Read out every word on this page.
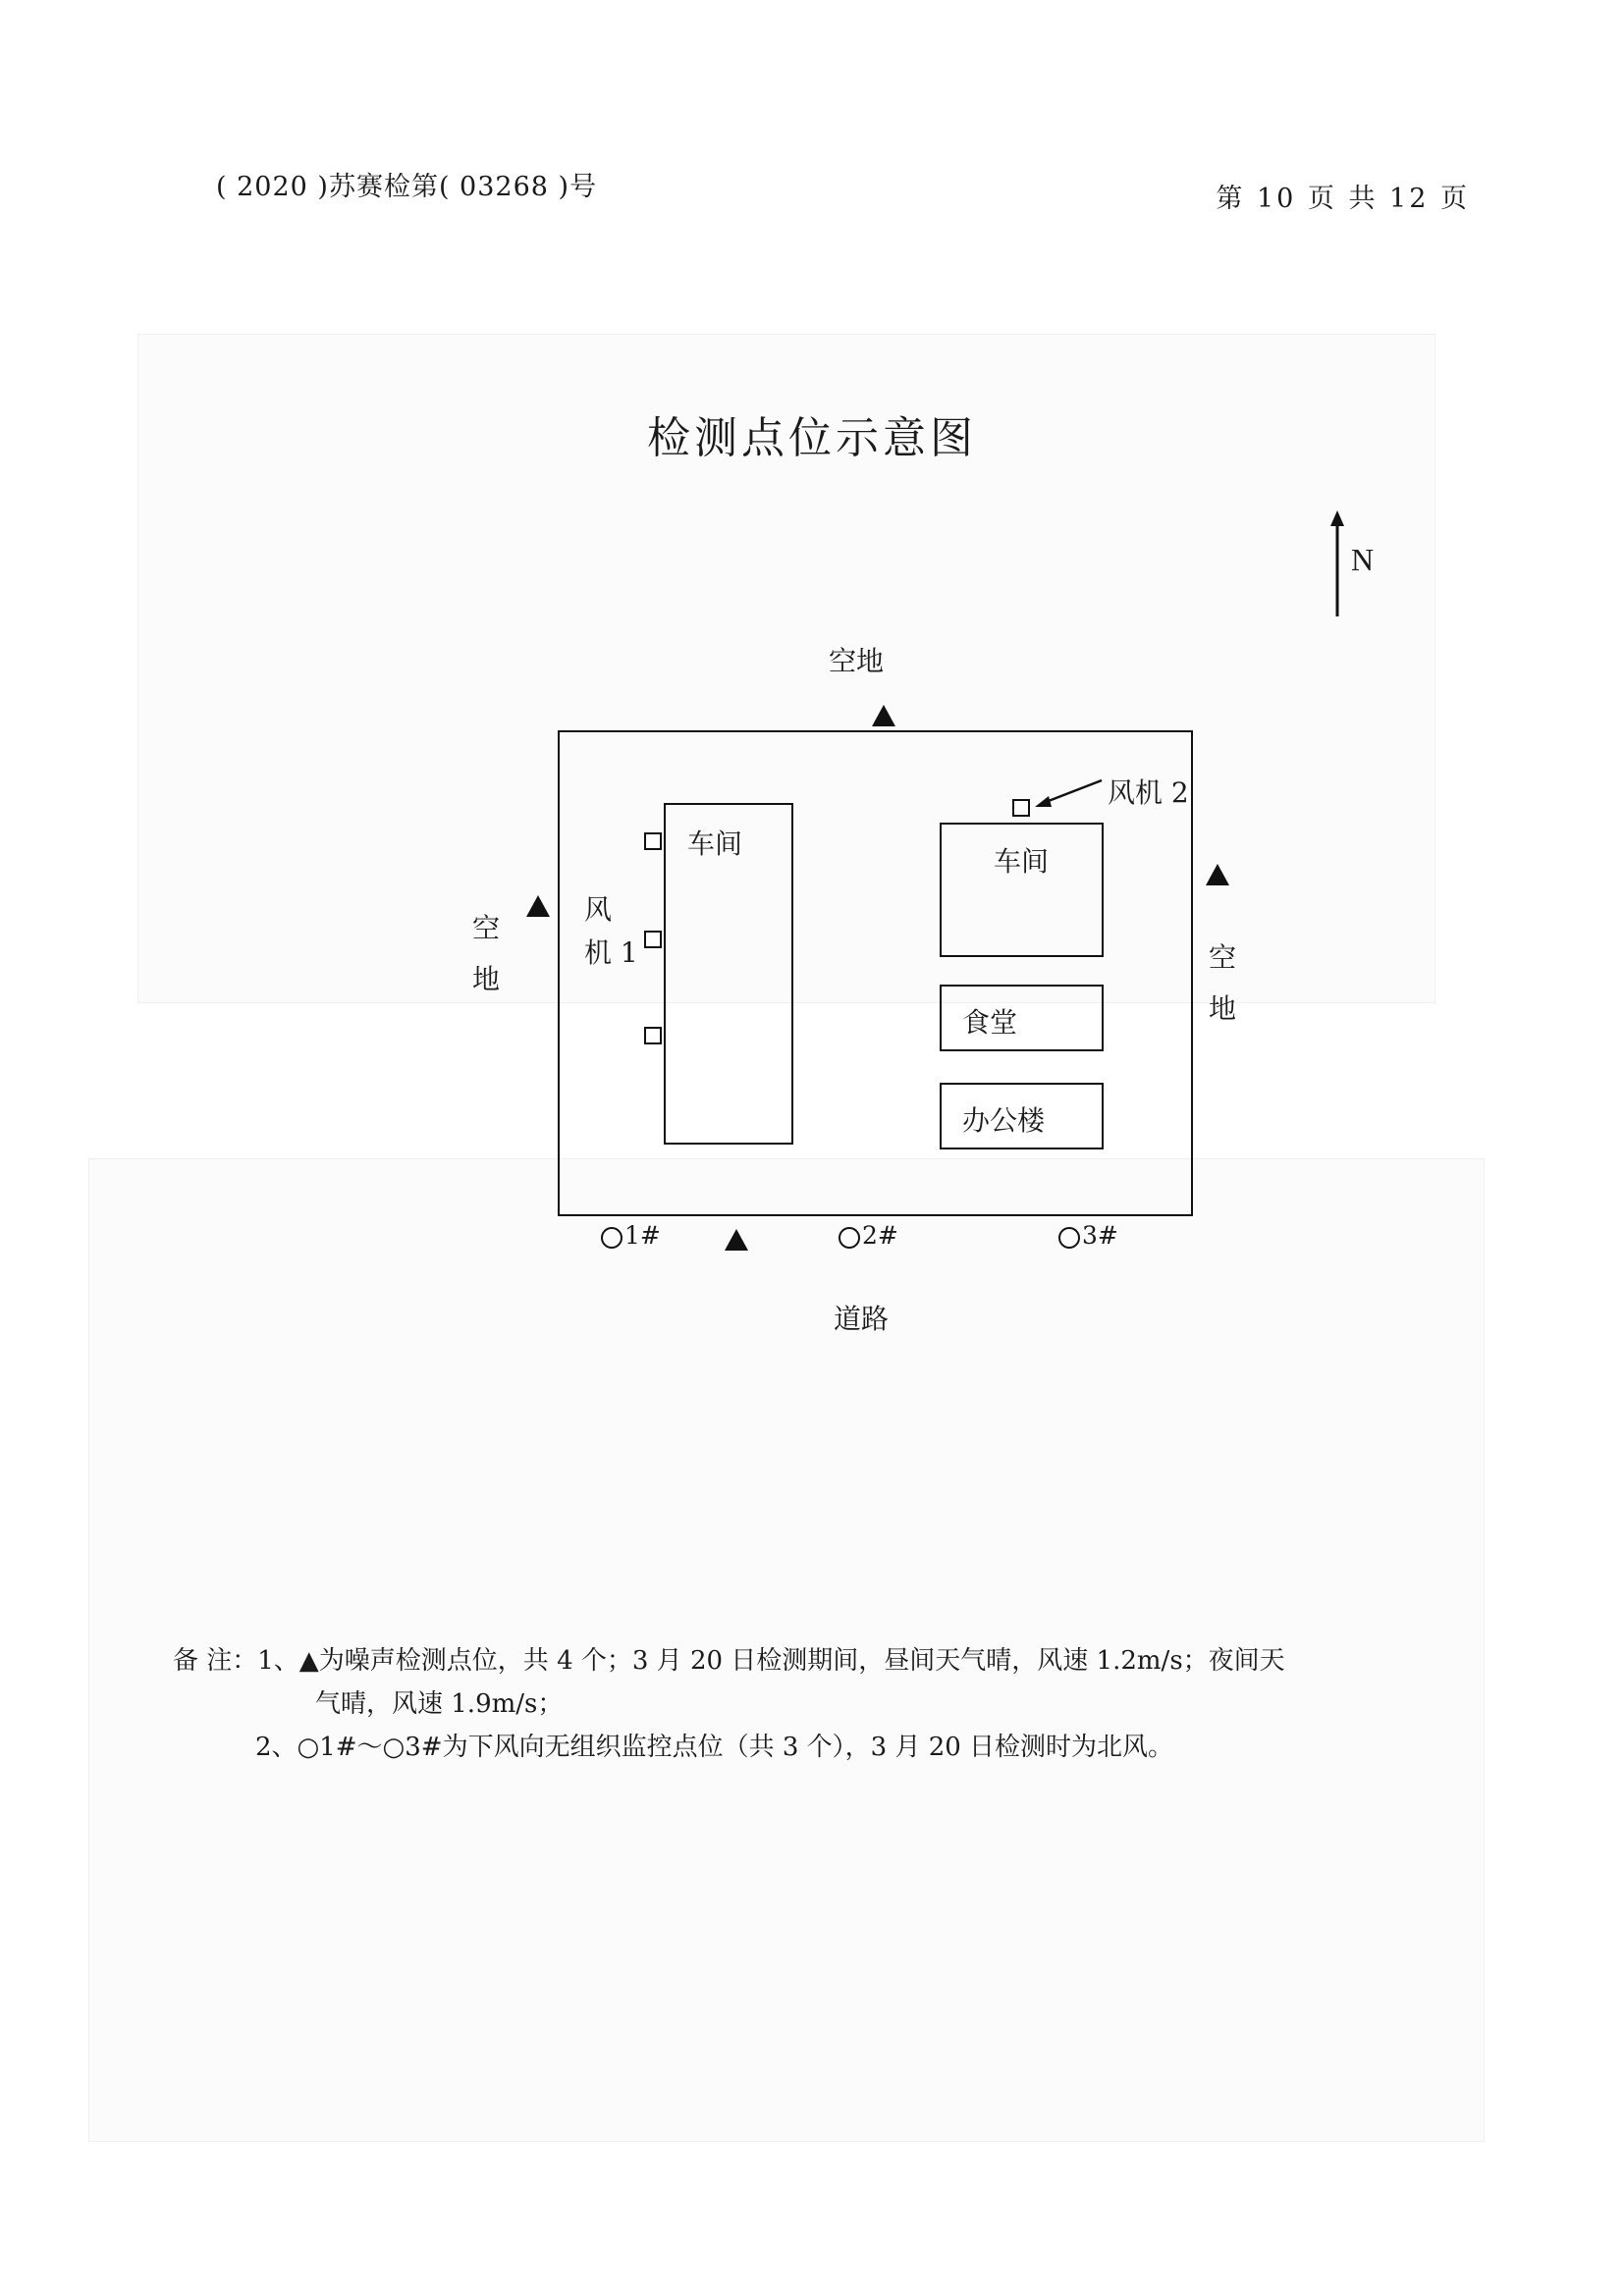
( 2020 )苏赛检第( 03268 )号	第 10 页 共 12 页
检测点位示意图
N
空地
空
地
空
地
车间
风
机 1
车间
风机 2
食堂
办公楼
1#	2#	3#
道路
备 注：1、▲为噪声检测点位，共 4 个；3 月 20 日检测期间，昼间天气晴，风速 1.2m/s；夜间天
气晴，风速 1.9m/s；
2、○1#～○3#为下风向无组织监控点位（共 3 个），3 月 20 日检测时为北风。
